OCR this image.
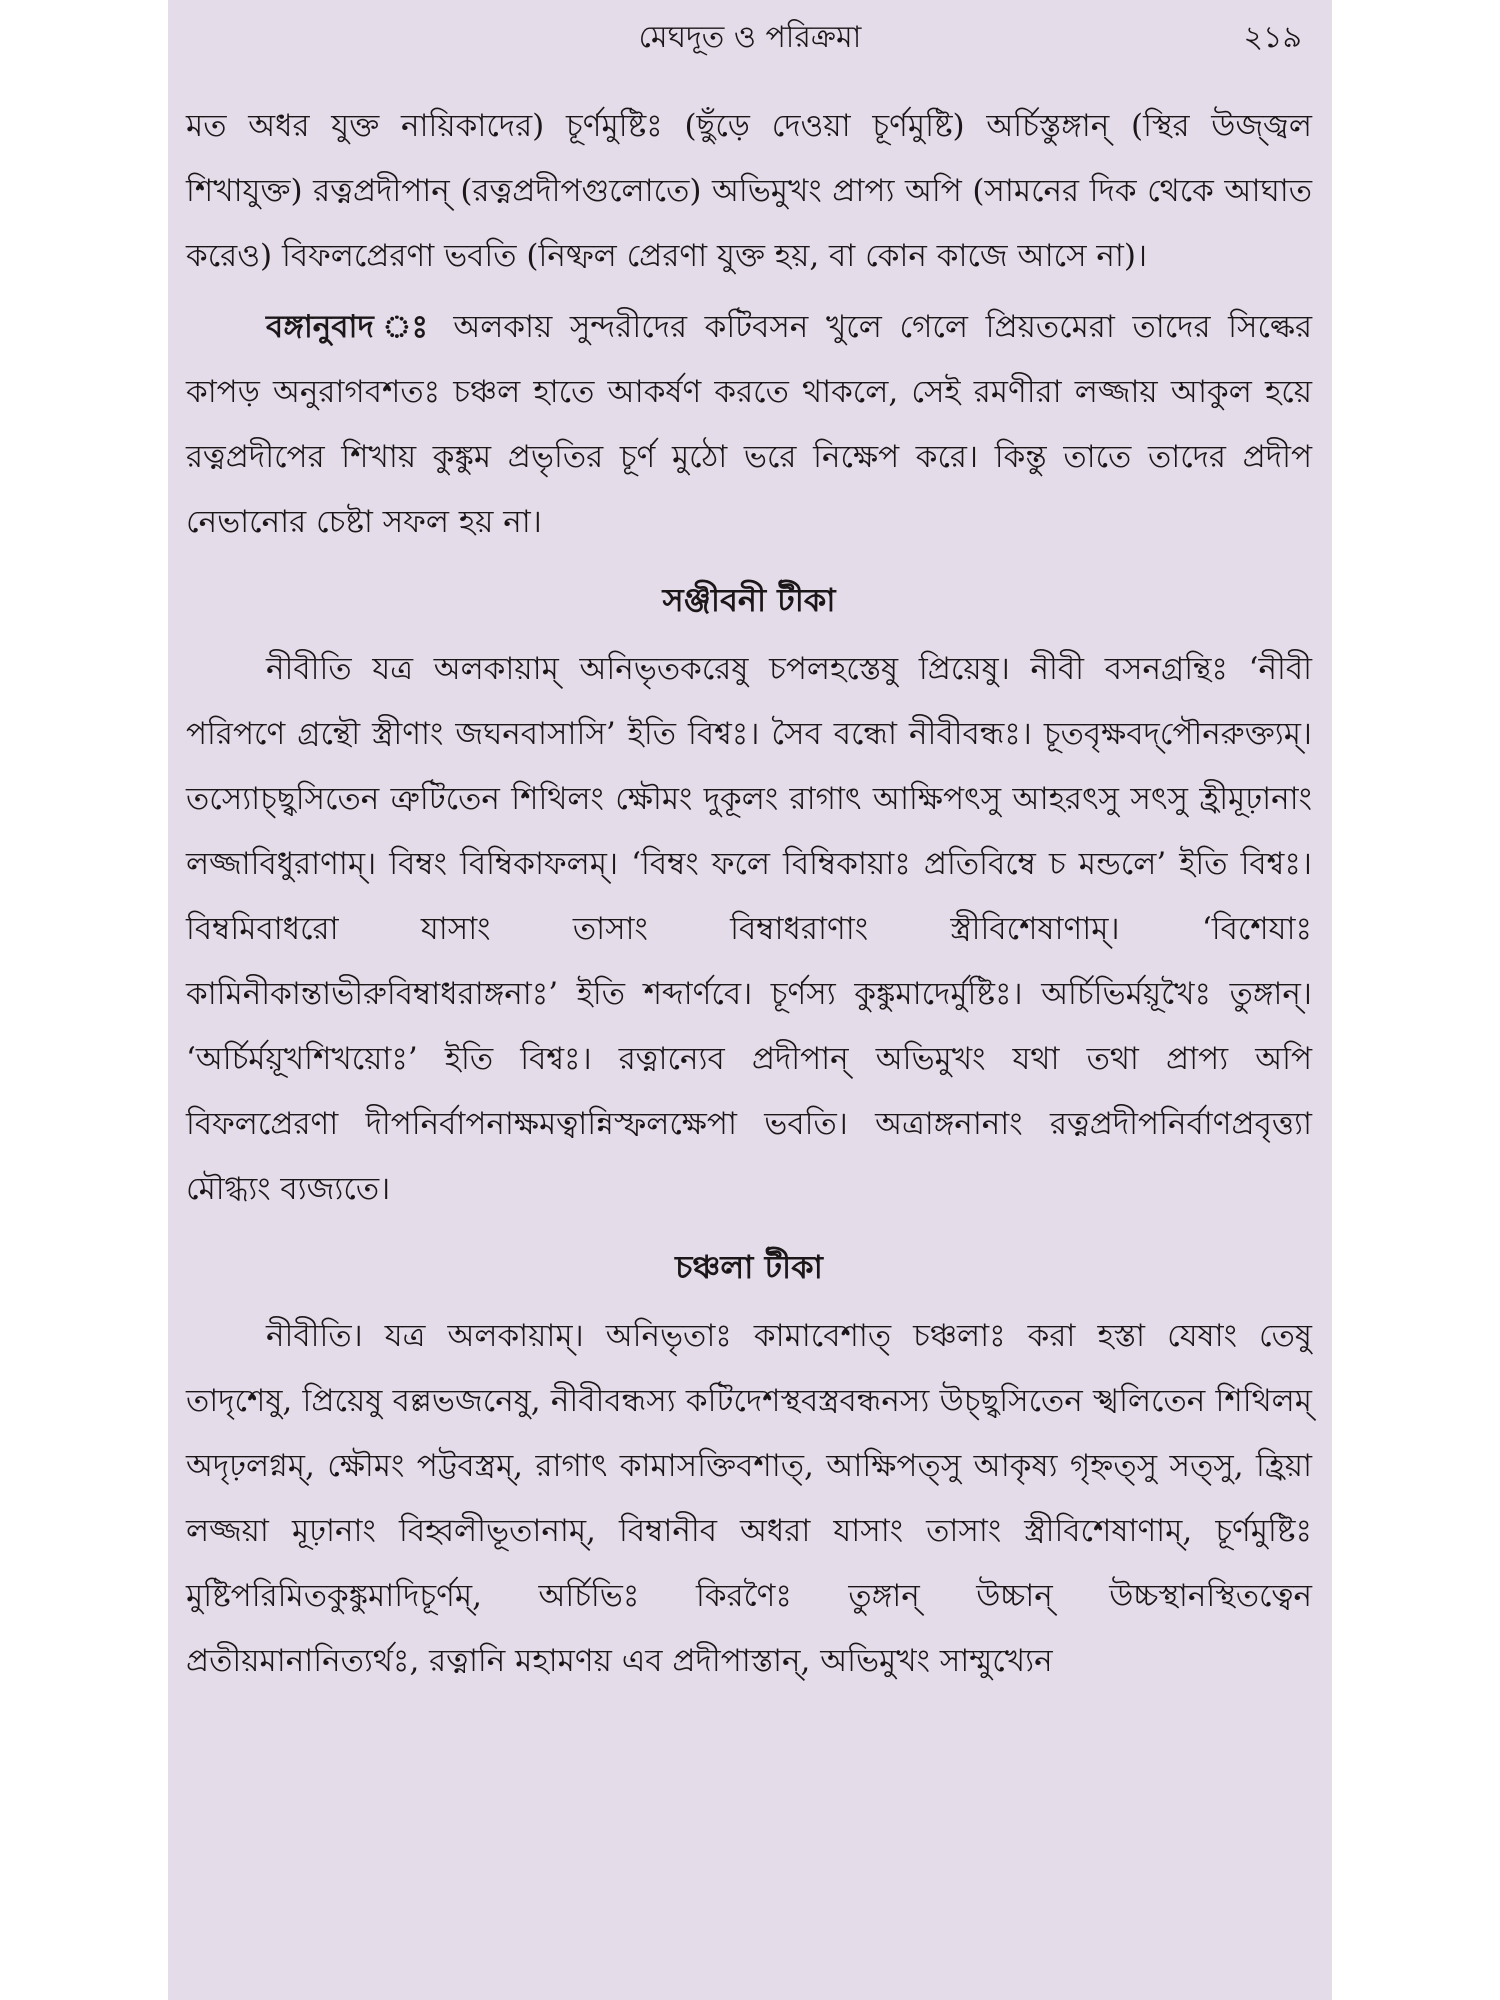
মেঘদূত ও পরিক্রমা	২১৯

মত অধর যুক্ত নায়িকাদের) চূর্ণমুষ্টিঃ (ছুঁড়ে দেওয়া চূর্ণমুষ্টি) অর্চিস্তুঙ্গান্ (স্থির উজ্জ্বল শিখাযুক্ত) রত্নপ্রদীপান্ (রত্নপ্রদীপগুলোতে) অভিমুখং প্রাপ্য অপি (সামনের দিক থেকে আঘাত করেও) বিফলপ্রেরণা ভবতি (নিষ্ফল প্রেরণা যুক্ত হয়, বা কোন কাজে আসে না)।

বঙ্গানুবাদ ঃ অলকায় সুন্দরীদের কটিবসন খুলে গেলে প্রিয়তমেরা তাদের সিল্কের কাপড় অনুরাগবশতঃ চঞ্চল হাতে আকর্ষণ করতে থাকলে, সেই রমণীরা লজ্জায় আকুল হয়ে রত্নপ্রদীপের শিখায় কুঙ্কুম প্রভৃতির চূর্ণ মুঠো ভরে নিক্ষেপ করে। কিন্তু তাতে তাদের প্রদীপ নেভানোর চেষ্টা সফল হয় না।

সঞ্জীবনী টীকা

নীবীতি যত্র অলকায়াম্ অনিভৃতকরেষু চপলহস্তেষু প্রিয়েষু। নীবী বসনগ্রন্থিঃ ‘নীবী পরিপণে গ্রন্থৌ স্ত্রীণাং জঘনবাসাসি’ ইতি বিশ্বঃ। সৈব বন্ধো নীবীবন্ধঃ। চূতবৃক্ষবদ্‌পৌনরুক্ত্যম্। তস্যোচ্ছ্বসিতেন ত্রুটিতেন শিথিলং ক্ষৌমং দুকূলং রাগাৎ আক্ষিপৎসু আহরৎসু সৎসু হ্রীমূঢ়ানাং লজ্জাবিধুরাণাম্। বিম্বং বিম্বিকাফলম্। ‘বিম্বং ফলে বিম্বিকায়াঃ প্রতিবিম্বে চ মন্ডলে’ ইতি বিশ্বঃ। বিম্বমিবাধরো যাসাং তাসাং বিম্বাধরাণাং স্ত্রীবিশেষাণাম্। ‘বিশেযাঃ কামিনীকান্তাভীরুবিম্বাধরাঙ্গনাঃ’ ইতি শব্দার্ণবে। চূর্ণস্য কুঙ্কুমাদের্মুষ্টিঃ। অর্চিভির্ময়ূখৈঃ তুঙ্গান্। ‘অর্চির্ময়ূখশিখয়োঃ’ ইতি বিশ্বঃ। রত্নান্যেব প্রদীপান্ অভিমুখং যথা তথা প্রাপ্য অপি বিফলপ্রেরণা দীপনির্বাপনাক্ষমত্বান্নিস্ফলক্ষেপা ভবতি। অত্রাঙ্গনানাং রত্নপ্রদীপনির্বাণপ্রবৃত্ত্যা মৌগ্ধ্যং ব্যজ্যতে।

চঞ্চলা টীকা

নীবীতি। যত্র অলকায়াম্। অনিভৃতাঃ কামাবেশাত্ চঞ্চলাঃ করা হস্তা যেষাং তেষু তাদৃশেষু, প্রিয়েষু বল্লভজনেষু, নীবীবন্ধস্য কটিদেশস্থবস্ত্রবন্ধনস্য উচ্ছ্বসিতেন স্খলিতেন শিথিলম্ অদৃঢ়লগ্নম্, ক্ষৌমং পট্টবস্ত্রম্, রাগাৎ কামাসক্তিবশাত্, আক্ষিপত্সু আকৃষ্য গৃহ্নত্সু সত্সু, হ্রিয়া লজ্জয়া মূঢ়ানাং বিহ্বলীভূতানাম্, বিম্বানীব অধরা যাসাং তাসাং স্ত্রীবিশেষাণাম্, চূর্ণমুষ্টিঃ মুষ্টিপরিমিতকুঙ্কুমাদিচূর্ণম্, অর্চিভিঃ কিরণৈঃ তুঙ্গান্ উচ্চান্ উচ্চস্থানস্থিতত্বেন প্রতীয়মানানিত্যর্থঃ, রত্নানি মহামণয় এব প্রদীপাস্তান্, অভিমুখং সাম্মুখ্যেন
